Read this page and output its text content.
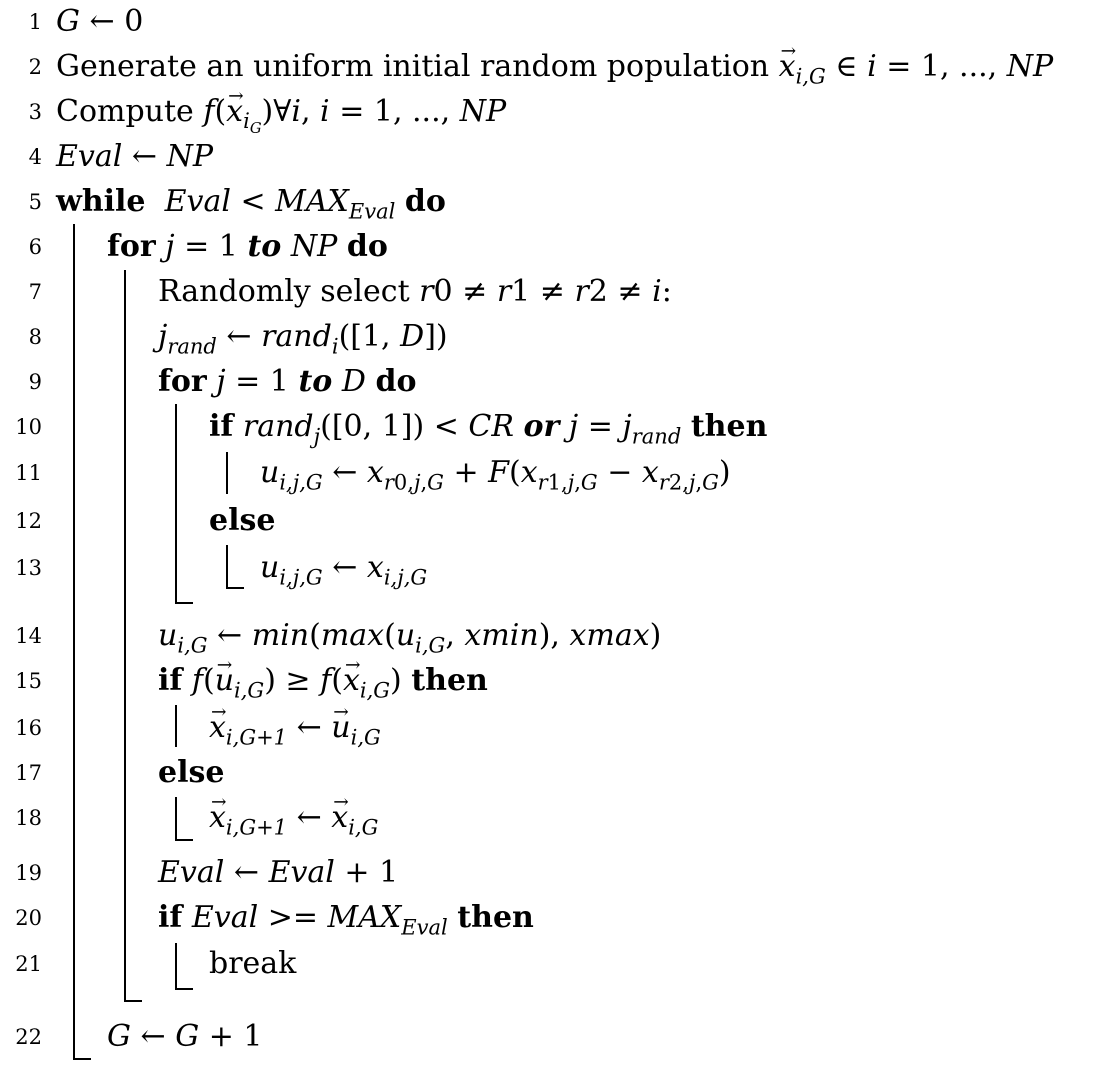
1 G ← 0
2 Generate an uniform initial random population → $x_{i,G}$ ∈ i = 1, ..., NP
3 Compute $f(\to x_{i_G})\forall i$, i = 1, ..., NP
4 Eval ← NP
5 while Eval < $MAX_{Eval}$ do
6 for j = 1 to NP do
7	Randomly select r0 ≠ r1 ≠ r2 ≠ i:
8	$j_{rand}$ ← rand$_i$([1, D])
9	for j = 1 to D do
10	if rand$_j$([0, 1]) < CR or $j = j_{rand}$ then
11	$u_{i,j,G}$ ← $x_{r0,j,G} + F(x_{r1,j,G} - x_{r2,j,G})$
12	else
13	$u_{i,j,G}$ ← $x_{i,j,G}$
14	$u_{i,G}$ ← $\min(\max(u_{i,G}$, xmin), xmax)
15	if $f(\to u_{i,G}) \ge f(\to x_{i,G})$ then
16	→ $x_{i,G+1}$ ← → $u_{i,G}$
17	else
18	→ $x_{i,G+1}$ ← → $x_{i,G}$
19	Eval ← Eval + 1
20	if Eval >= $MAX_{Eval}$ then
21	break
22 G ← G + 1
